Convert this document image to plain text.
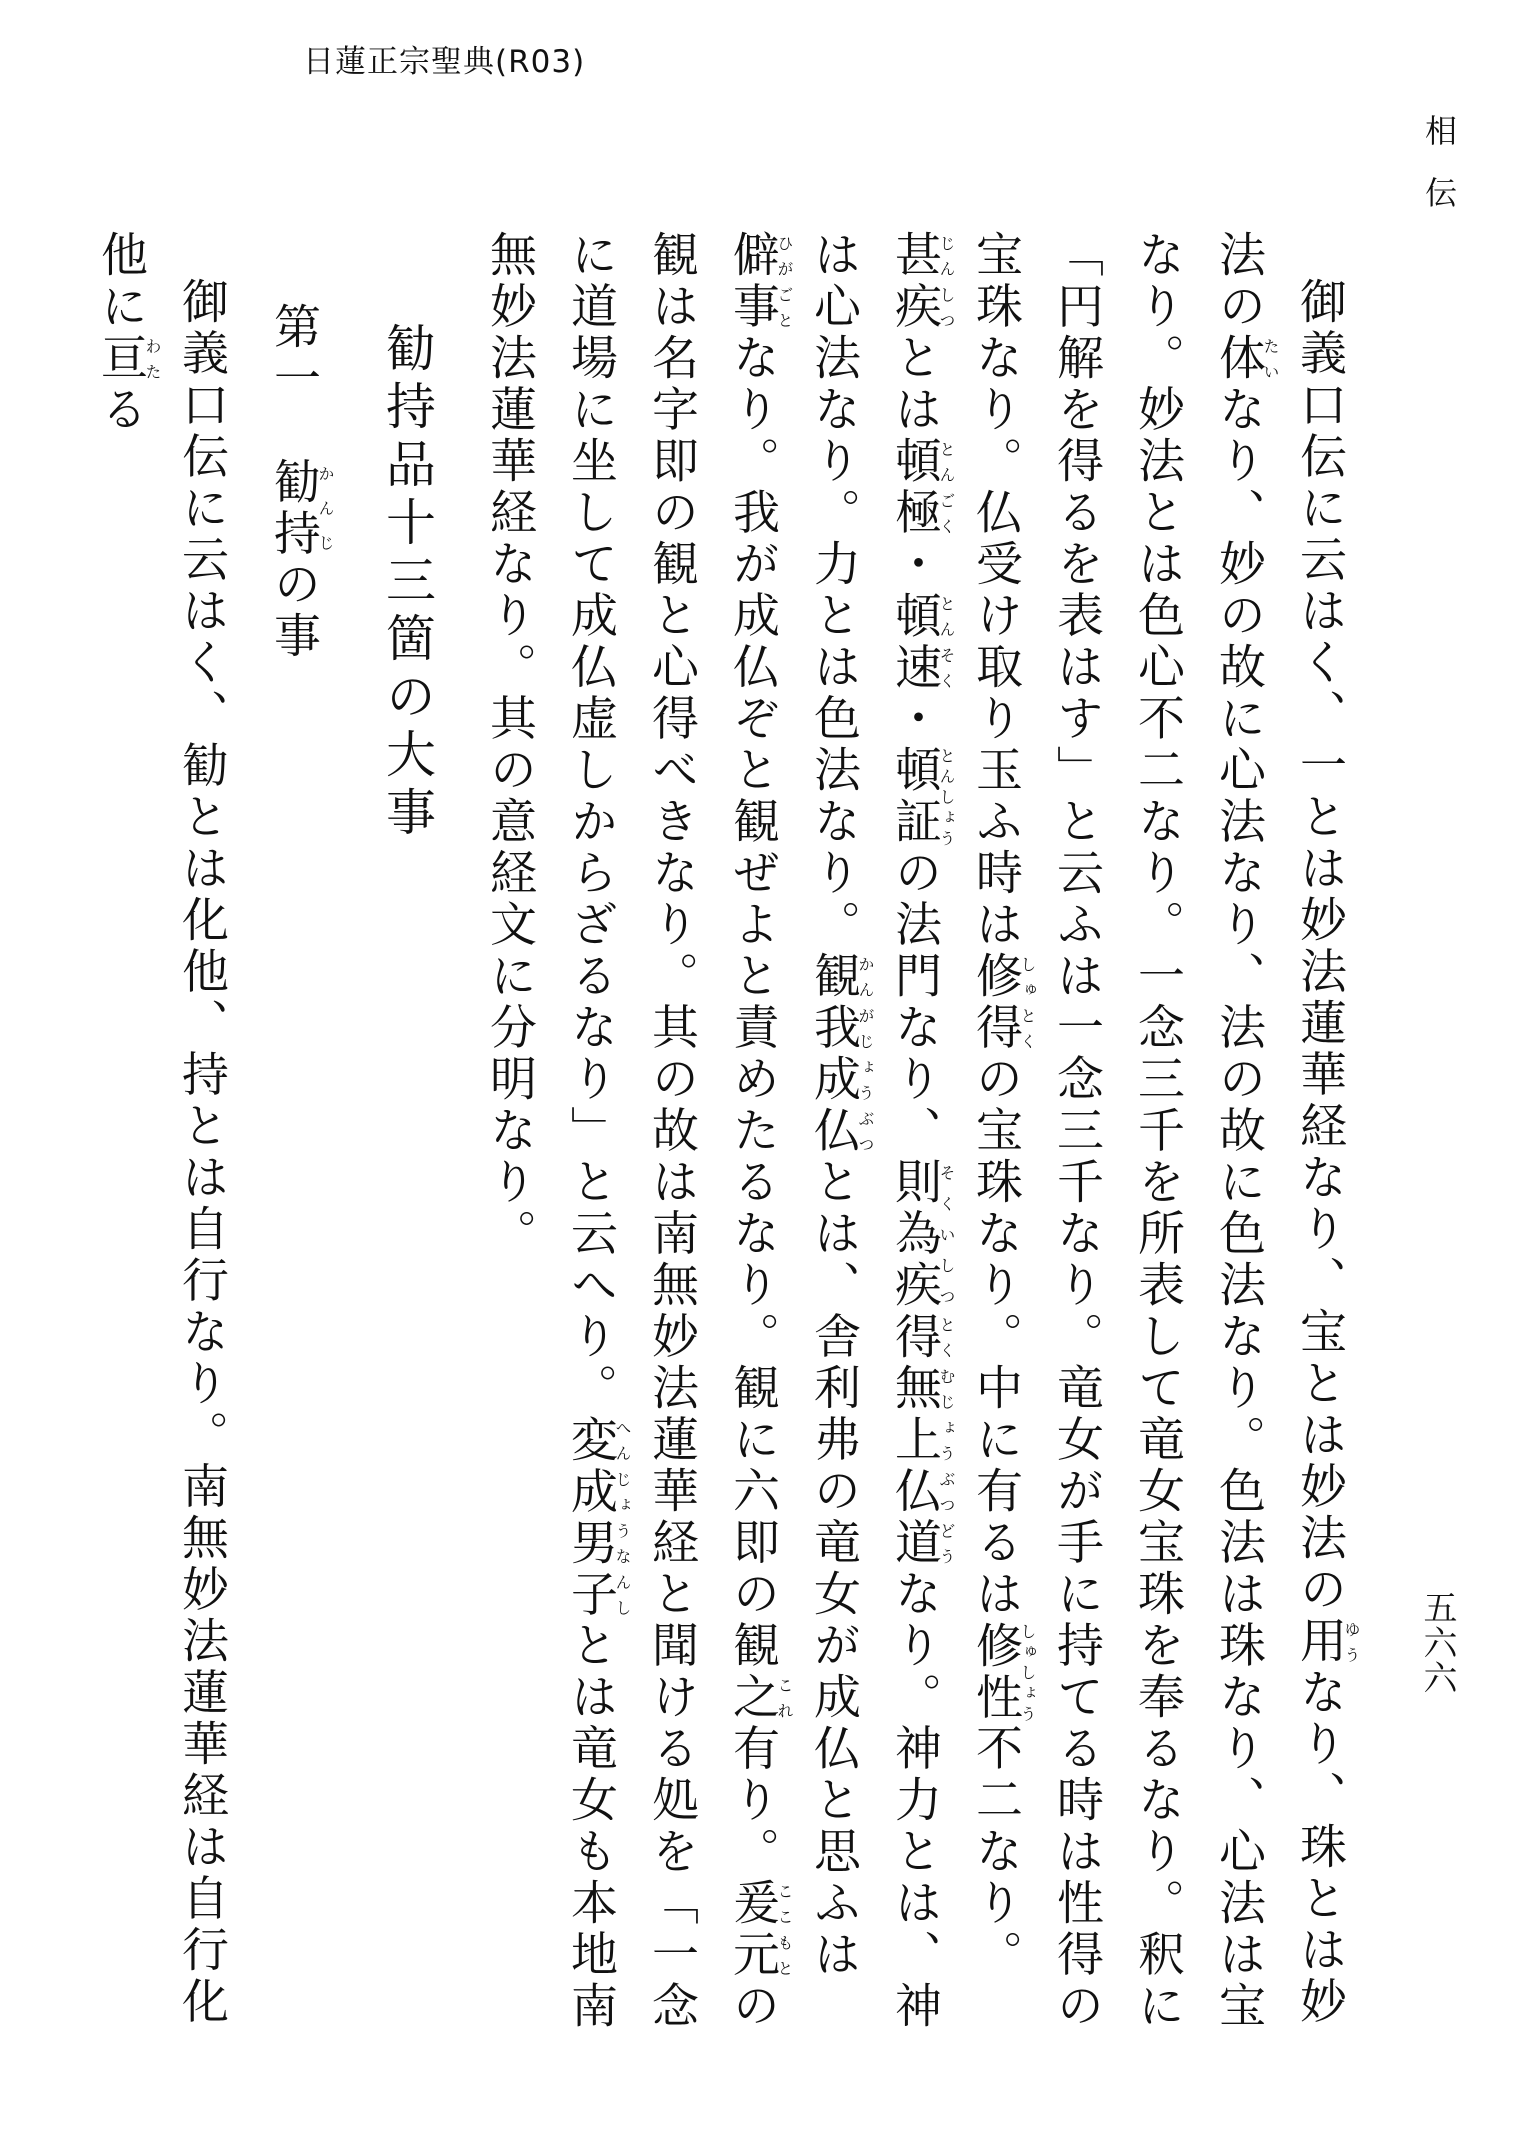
日蓮正宗聖典(R03)
相伝
五六六

御義口伝に云はく、一とは妙法蓮華経なり、宝とは妙法の用ゆうなり、珠とは妙法の体たいなり、妙の故に心法なり、法の故に色法なり。色法は珠なり、心法は宝なり。妙法とは色心不二なり。一念三千を所表して竜女宝珠を奉るなり。釈に「円解を得るを表はす」と云ふは一念三千なり。竜女が手に持てる時は性得の宝珠なり。仏受け取り玉ふ時は修得しゅとくの宝珠なり。中に有るは修性しゅしょう不二なり。甚疾じんしつとは頓極とんごく・頓速とんそく・頓証とんしょうの法門なり、則為疾そくいしつ得とく無上仏道むじょうぶつどうなり。神力とは、神は心法なり。力とは色法なり。観我成仏かんがじょうぶつとは、舎利弗の竜女が成仏と思ふは僻事ひがごとなり。我が成仏ぞと観ぜよと責めたるなり。観に六即の観之これ有り。爰元ここもとの観は名字即の観と心得べきなり。其の故は南無妙法蓮華経と聞ける処を「一念に道場に坐して成仏虚しからざるなり」と云へり。変成男子へんじょうなんしとは竜女も本地南無妙法蓮華経なり。其の意経文に分明なり。

勧持品十三箇の大事
第一　勧持かんじの事

御義口伝に云はく、勧とは化他、持とは自行なり。南無妙法蓮華経は自行化他に亘わたる
